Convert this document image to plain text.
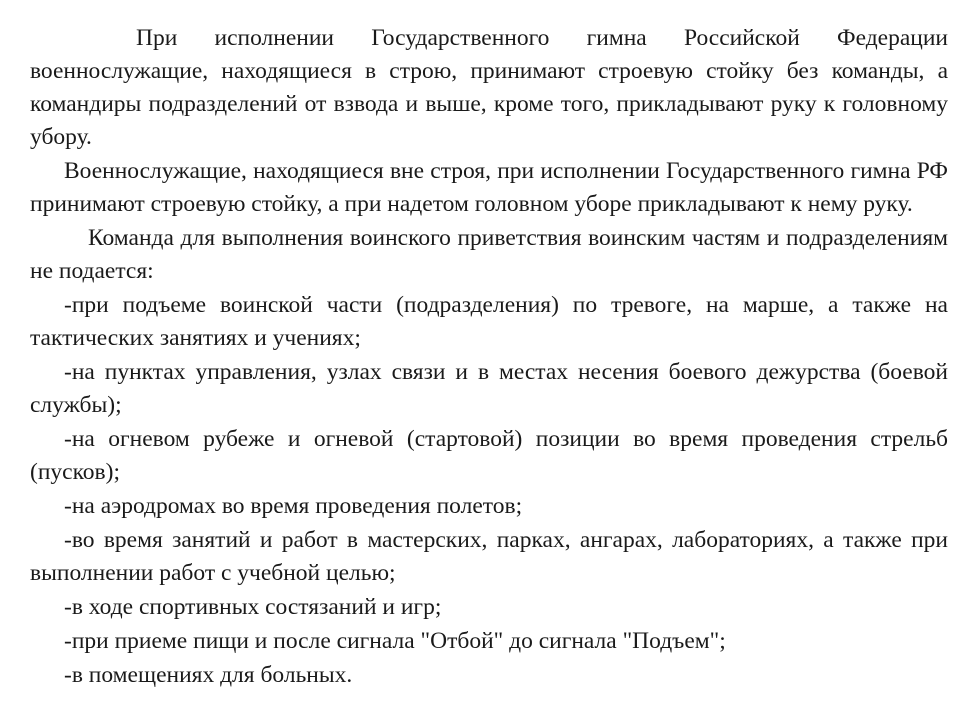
При исполнении Государственного гимна Российской Федерации военнослужащие, находящиеся в строю, принимают строевую стойку без команды, а командиры подразделений от взвода и выше, кроме того, прикладывают руку к головному убору.

Военнослужащие, находящиеся вне строя, при исполнении Государственного гимна РФ принимают строевую стойку, а при надетом головном уборе прикладывают к нему руку.

Команда для выполнения воинского приветствия воинским частям и подразделениям не подается:

-при подъеме воинской части (подразделения) по тревоге, на марше, а также на тактических занятиях и учениях;

-на пунктах управления, узлах связи и в местах несения боевого дежурства (боевой службы);

-на огневом рубеже и огневой (стартовой) позиции во время проведения стрельб (пусков);

-на аэродромах во время проведения полетов;

-во время занятий и работ в мастерских, парках, ангарах, лабораториях, а также при выполнении работ с учебной целью;

-в ходе спортивных состязаний и игр;

-при приеме пищи и после сигнала "Отбой" до сигнала "Подъем";

-в помещениях для больных.
